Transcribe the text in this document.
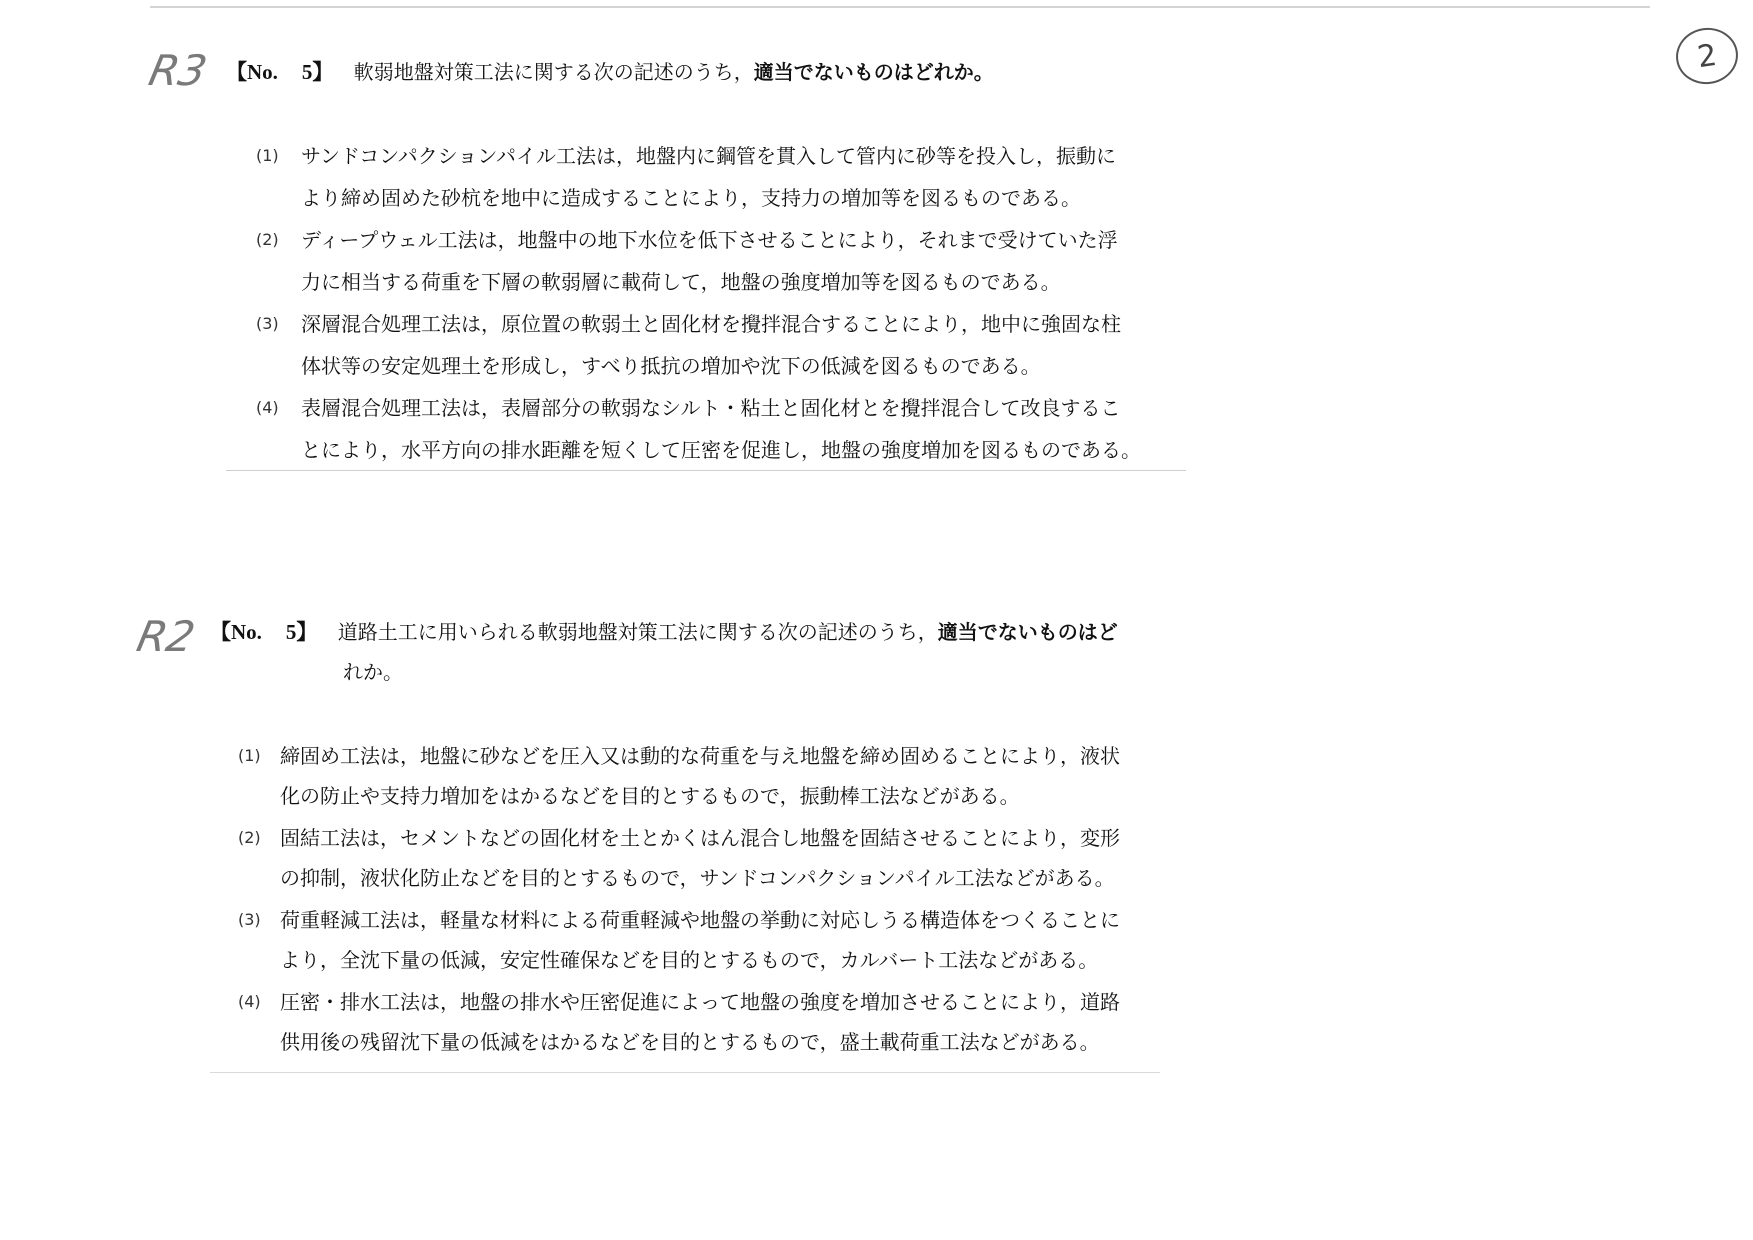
R3
R2
2
【No. 5】 軟弱地盤対策工法に関する次の記述のうち，適当でないものはどれか。
(1) サンドコンパクションパイル工法は，地盤内に鋼管を貫入して管内に砂等を投入し，振動に
より締め固めた砂杭を地中に造成することにより，支持力の増加等を図るものである。
(2) ディープウェル工法は，地盤中の地下水位を低下させることにより，それまで受けていた浮
力に相当する荷重を下層の軟弱層に載荷して，地盤の強度増加等を図るものである。
(3) 深層混合処理工法は，原位置の軟弱土と固化材を攪拌混合することにより，地中に強固な柱
体状等の安定処理土を形成し，すべり抵抗の増加や沈下の低減を図るものである。
(4) 表層混合処理工法は，表層部分の軟弱なシルト・粘土と固化材とを攪拌混合して改良するこ
とにより，水平方向の排水距離を短くして圧密を促進し，地盤の強度増加を図るものである。
【No. 5】 道路土工に用いられる軟弱地盤対策工法に関する次の記述のうち，適当でないものはど
れか。
(1) 締固め工法は，地盤に砂などを圧入又は動的な荷重を与え地盤を締め固めることにより，液状
化の防止や支持力増加をはかるなどを目的とするもので，振動棒工法などがある。
(2) 固結工法は，セメントなどの固化材を土とかくはん混合し地盤を固結させることにより，変形
の抑制，液状化防止などを目的とするもので，サンドコンパクションパイル工法などがある。
(3) 荷重軽減工法は，軽量な材料による荷重軽減や地盤の挙動に対応しうる構造体をつくることに
より，全沈下量の低減，安定性確保などを目的とするもので，カルバート工法などがある。
(4) 圧密・排水工法は，地盤の排水や圧密促進によって地盤の強度を増加させることにより，道路
供用後の残留沈下量の低減をはかるなどを目的とするもので，盛土載荷重工法などがある。
